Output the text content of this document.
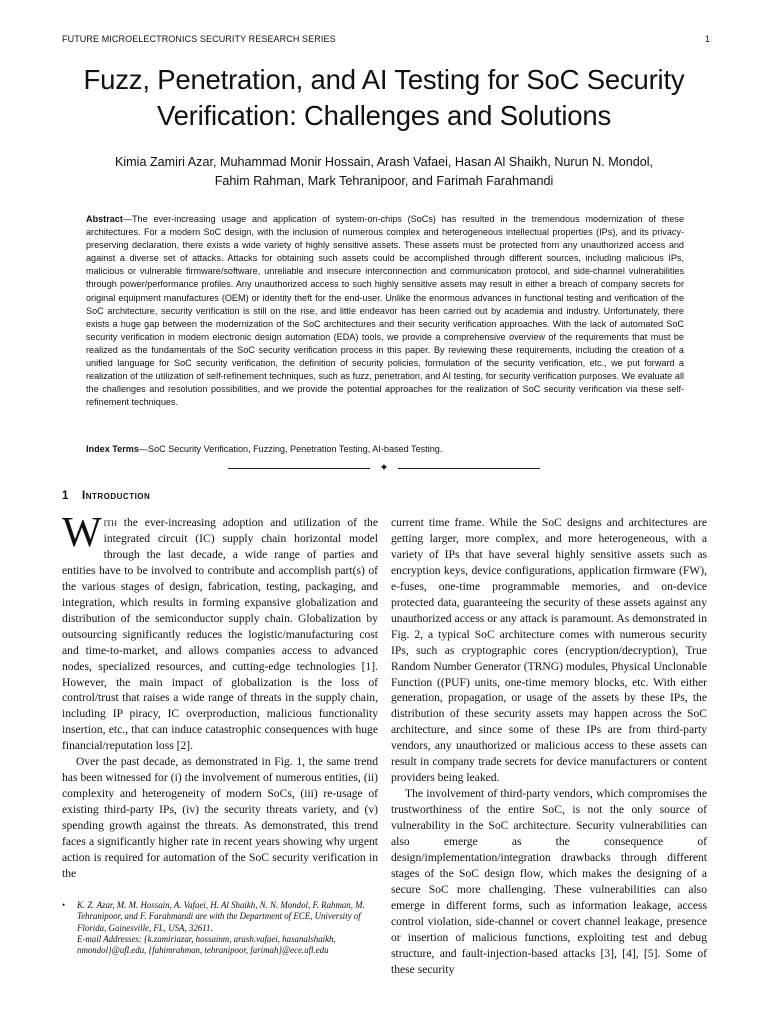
FUTURE MICROELECTRONICS SECURITY RESEARCH SERIES	1
Fuzz, Penetration, and AI Testing for SoC Security Verification: Challenges and Solutions
Kimia Zamiri Azar, Muhammad Monir Hossain, Arash Vafaei, Hasan Al Shaikh, Nurun N. Mondol,
Fahim Rahman, Mark Tehranipoor, and Farimah Farahmandi

Abstract—The ever-increasing usage and application of system-on-chips (SoCs) has resulted in the tremendous modernization of these architectures. For a modern SoC design, with the inclusion of numerous complex and heterogeneous intellectual properties (IPs), and its privacy-preserving declaration, there exists a wide variety of highly sensitive assets. These assets must be protected from any unauthorized access and against a diverse set of attacks. Attacks for obtaining such assets could be accomplished through different sources, including malicious IPs, malicious or vulnerable firmware/software, unreliable and insecure interconnection and communication protocol, and side-channel vulnerabilities through power/performance profiles. Any unauthorized access to such highly sensitive assets may result in either a breach of company secrets for original equipment manufactures (OEM) or identity theft for the end-user. Unlike the enormous advances in functional testing and verification of the SoC architecture, security verification is still on the rise, and little endeavor has been carried out by academia and industry. Unfortunately, there exists a huge gap between the modernization of the SoC architectures and their security verification approaches. With the lack of automated SoC security verification in modern electronic design automation (EDA) tools, we provide a comprehensive overview of the requirements that must be realized as the fundamentals of the SoC security verification process in this paper. By reviewing these requirements, including the creation of a unified language for SoC security verification, the definition of security policies, formulation of the security verification, etc., we put forward a realization of the utilization of self-refinement techniques, such as fuzz, penetration, and AI testing, for security verification purposes. We evaluate all the challenges and resolution possibilities, and we provide the potential approaches for the realization of SoC security verification via these self-refinement techniques.

Index Terms—SoC Security Verification, Fuzzing, Penetration Testing, AI-based Testing.
✦
1 Introduction

With the ever-increasing adoption and utilization of the integrated circuit (IC) supply chain horizontal model through the last decade, a wide range of parties and entities have to be involved to contribute and accomplish part(s) of the various stages of design, fabrication, testing, packaging, and integration, which results in forming expansive globalization and distribution of the semiconductor supply chain. Globalization by outsourcing significantly reduces the logistic/manufacturing cost and time-to-market, and allows companies access to advanced nodes, specialized resources, and cutting-edge technologies [1]. However, the main impact of globalization is the loss of control/trust that raises a wide range of threats in the supply chain, including IP piracy, IC overproduction, malicious functionality insertion, etc., that can induce catastrophic consequences with huge financial/reputation loss [2].

Over the past decade, as demonstrated in Fig. 1, the same trend has been witnessed for (i) the involvement of numerous entities, (ii) complexity and heterogeneity of modern SoCs, (iii) re-usage of existing third-party IPs, (iv) the security threats variety, and (v) spending growth against the threats. As demonstrated, this trend faces a significantly higher rate in recent years showing why urgent action is required for automation of the SoC security verification in the

current time frame. While the SoC designs and architectures are getting larger, more complex, and more heterogeneous, with a variety of IPs that have several highly sensitive assets such as encryption keys, device configurations, application firmware (FW), e-fuses, one-time programmable memories, and on-device protected data, guaranteeing the security of these assets against any unauthorized access or any attack is paramount. As demonstrated in Fig. 2, a typical SoC architecture comes with numerous security IPs, such as cryptographic cores (encryption/decryption), True Random Number Generator (TRNG) modules, Physical Unclonable Function ((PUF) units, one-time memory blocks, etc. With either generation, propagation, or usage of the assets by these IPs, the distribution of these security assets may happen across the SoC architecture, and since some of these IPs are from third-party vendors, any unauthorized or malicious access to these assets can result in company trade secrets for device manufacturers or content providers being leaked.

The involvement of third-party vendors, which compromises the trustworthiness of the entire SoC, is not the only source of vulnerability in the SoC architecture. Security vulnerabilities can also emerge as the consequence of design/implementation/integration drawbacks through different stages of the SoC design flow, which makes the designing of a secure SoC more challenging. These vulnerabilities can also emerge in different forms, such as information leakage, access control violation, side-channel or covert channel leakage, presence or insertion of malicious functions, exploiting test and debug structure, and fault-injection-based attacks [3], [4], [5]. Some of these security

• K. Z. Azar, M. M. Hossain, A. Vafaei, H. Al Shaikh, N. N. Mondol, F. Rahman, M. Tehranipoor, and F. Farahmandi are with the Department of ECE, University of Florida, Gainesville, FL, USA, 32611.
E-mail Addresses: {k.zamiriazar, hossainm, arash.vafaei, hasanalshaikh, nmondol}@ufl.edu, {fahimrahman, tehranipoor, farimah}@ece.ufl.edu
